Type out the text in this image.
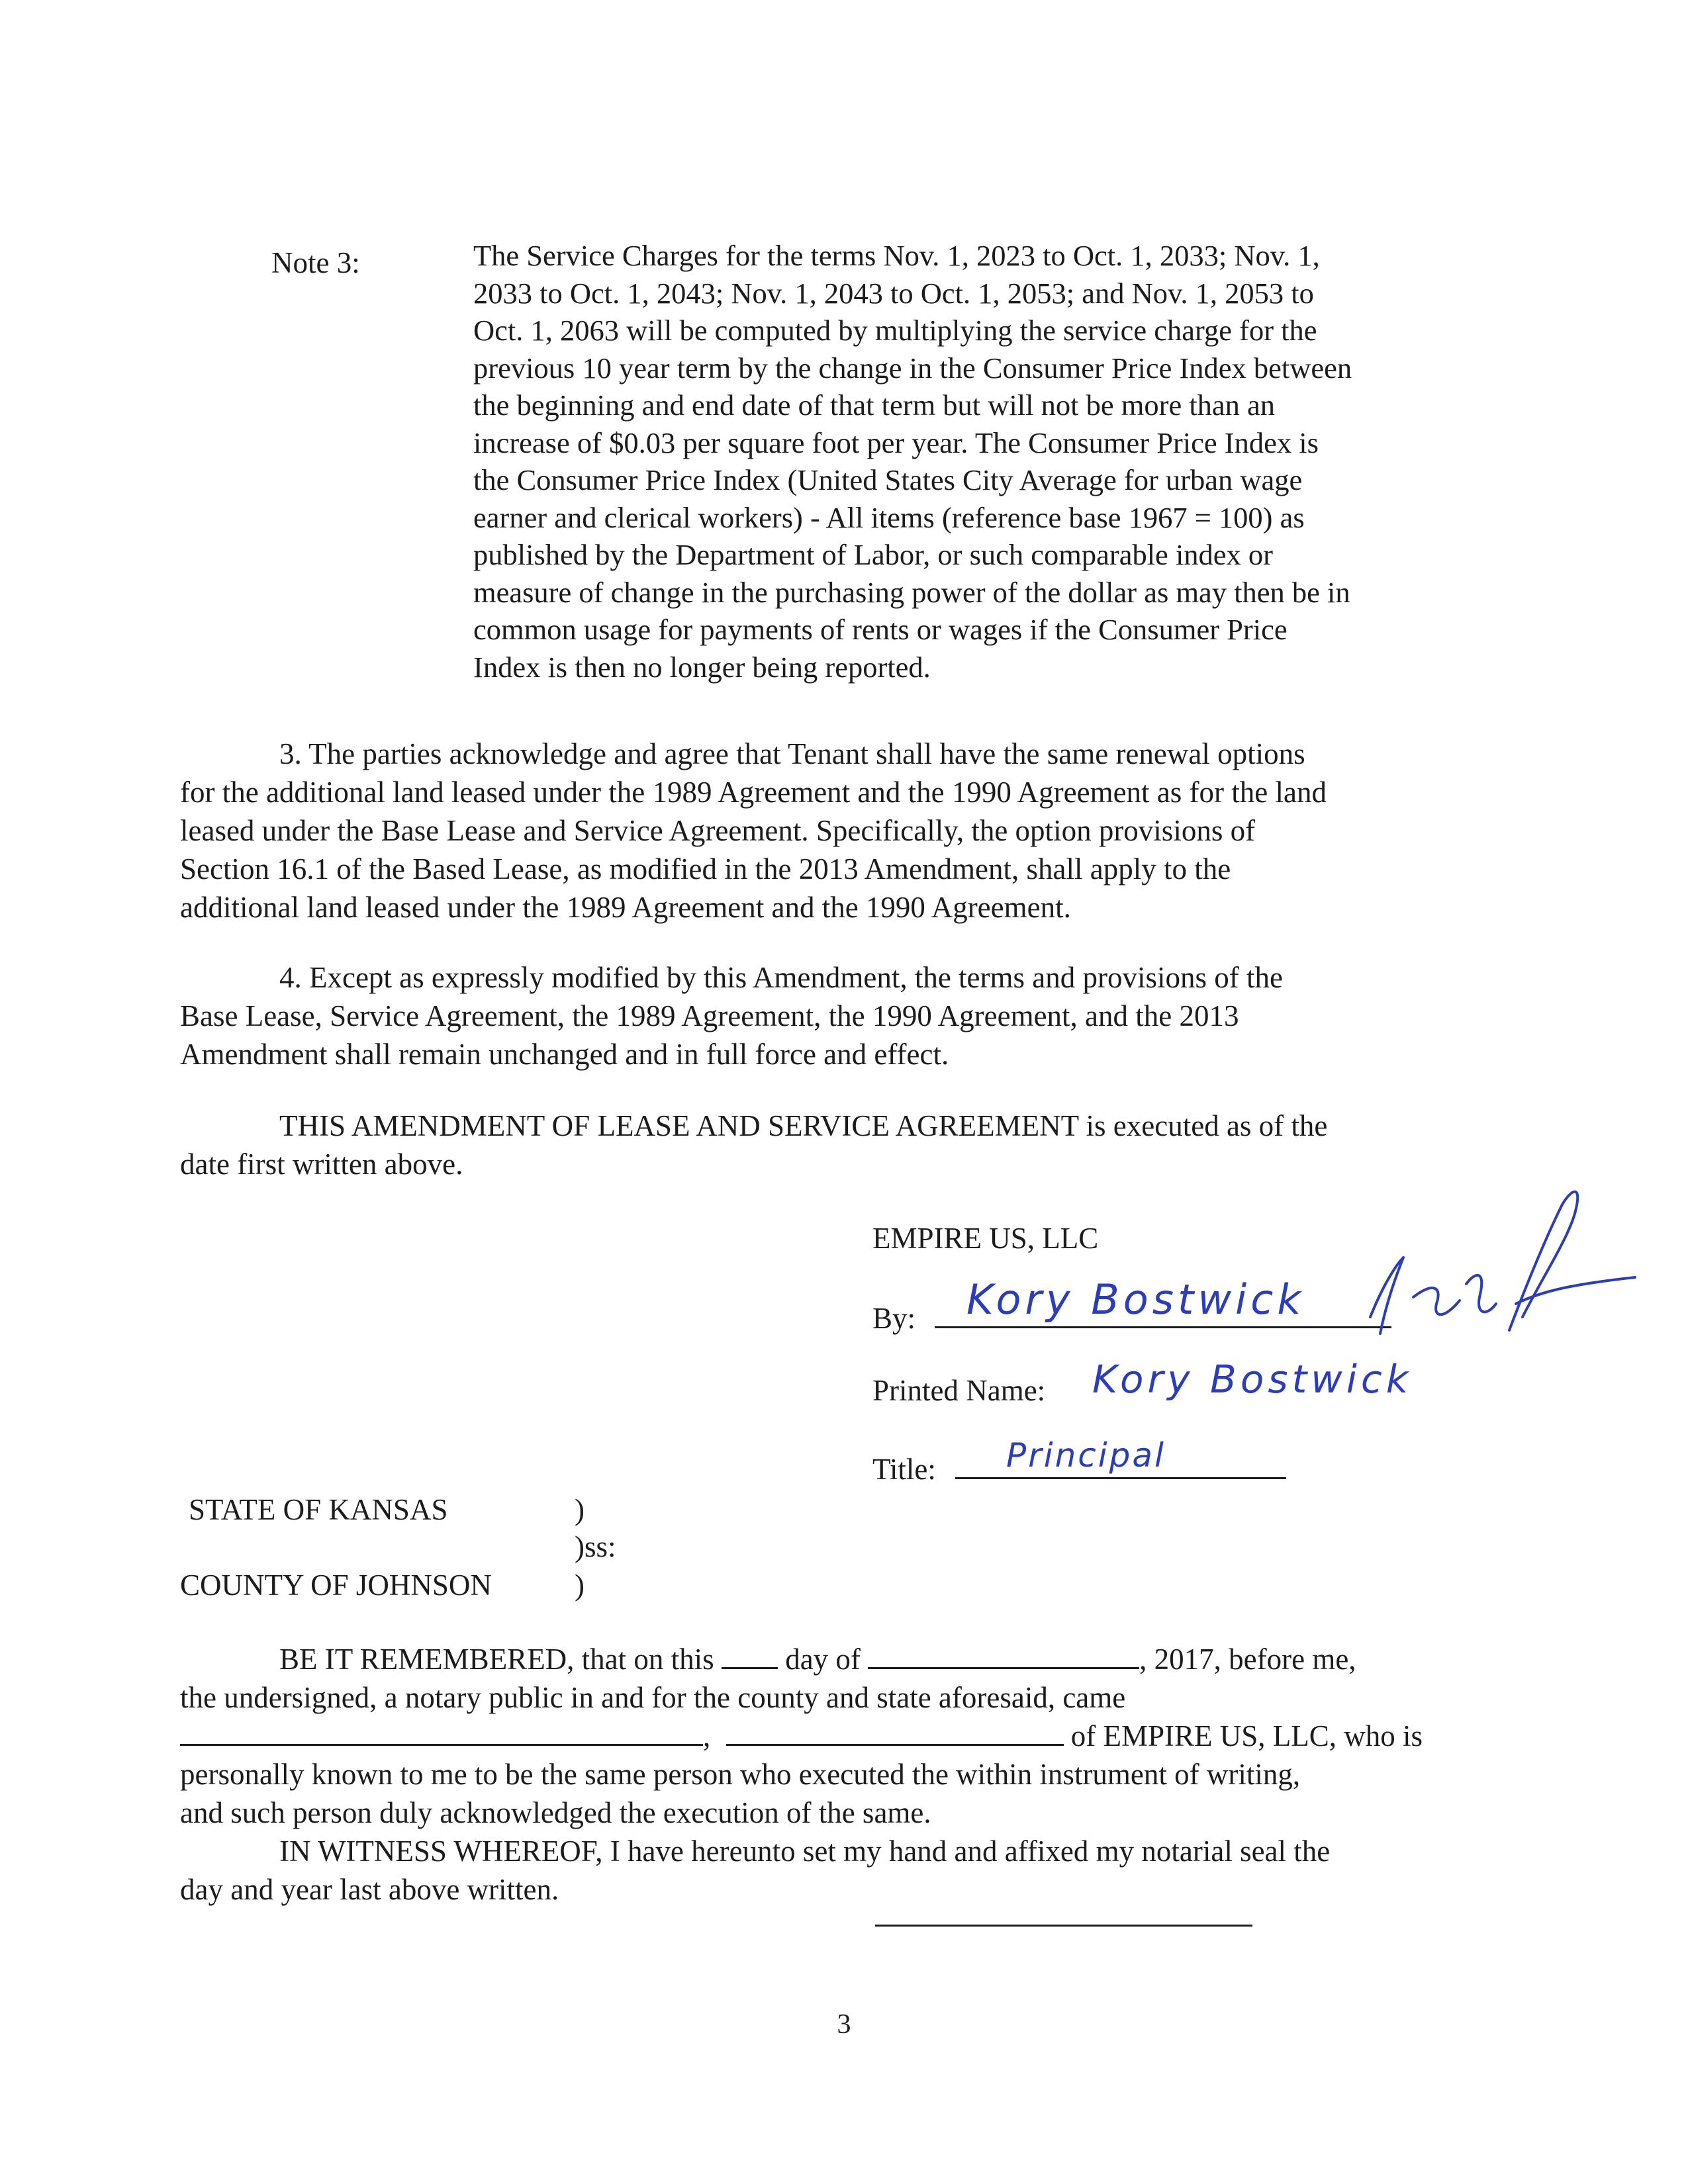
Note 3:	The Service Charges for the terms Nov. 1, 2023 to Oct. 1, 2033; Nov. 1,
2033 to Oct. 1, 2043; Nov. 1, 2043 to Oct. 1, 2053; and Nov. 1, 2053 to
Oct. 1, 2063 will be computed by multiplying the service charge for the
previous 10 year term by the change in the Consumer Price Index between
the beginning and end date of that term but will not be more than an
increase of $0.03 per square foot per year. The Consumer Price Index is
the Consumer Price Index (United States City Average for urban wage
earner and clerical workers) - All items (reference base 1967 = 100) as
published by the Department of Labor, or such comparable index or
measure of change in the purchasing power of the dollar as may then be in
common usage for payments of rents or wages if the Consumer Price
Index is then no longer being reported.
3. The parties acknowledge and agree that Tenant shall have the same renewal options
for the additional land leased under the 1989 Agreement and the 1990 Agreement as for the land
leased under the Base Lease and Service Agreement. Specifically, the option provisions of
Section 16.1 of the Based Lease, as modified in the 2013 Amendment, shall apply to the
additional land leased under the 1989 Agreement and the 1990 Agreement.
4. Except as expressly modified by this Amendment, the terms and provisions of the
Base Lease, Service Agreement, the 1989 Agreement, the 1990 Agreement, and the 2013
Amendment shall remain unchanged and in full force and effect.
THIS AMENDMENT OF LEASE AND SERVICE AGREEMENT is executed as of the
date first written above.
EMPIRE US, LLC
By:	Kory Bostwick
Printed Name: Kory Bostwick
Title:	Principal
STATE OF KANSAS	)
)ss:
COUNTY OF JOHNSON	)
BE IT REMEMBERED, that on this day of	, 2017, before me,
the undersigned, a notary public in and for the county and state aforesaid, came
,	of EMPIRE US, LLC, who is
personally known to me to be the same person who executed the within instrument of writing,
and such person duly acknowledged the execution of the same.
IN WITNESS WHEREOF, I have hereunto set my hand and affixed my notarial seal the
day and year last above written.
3
